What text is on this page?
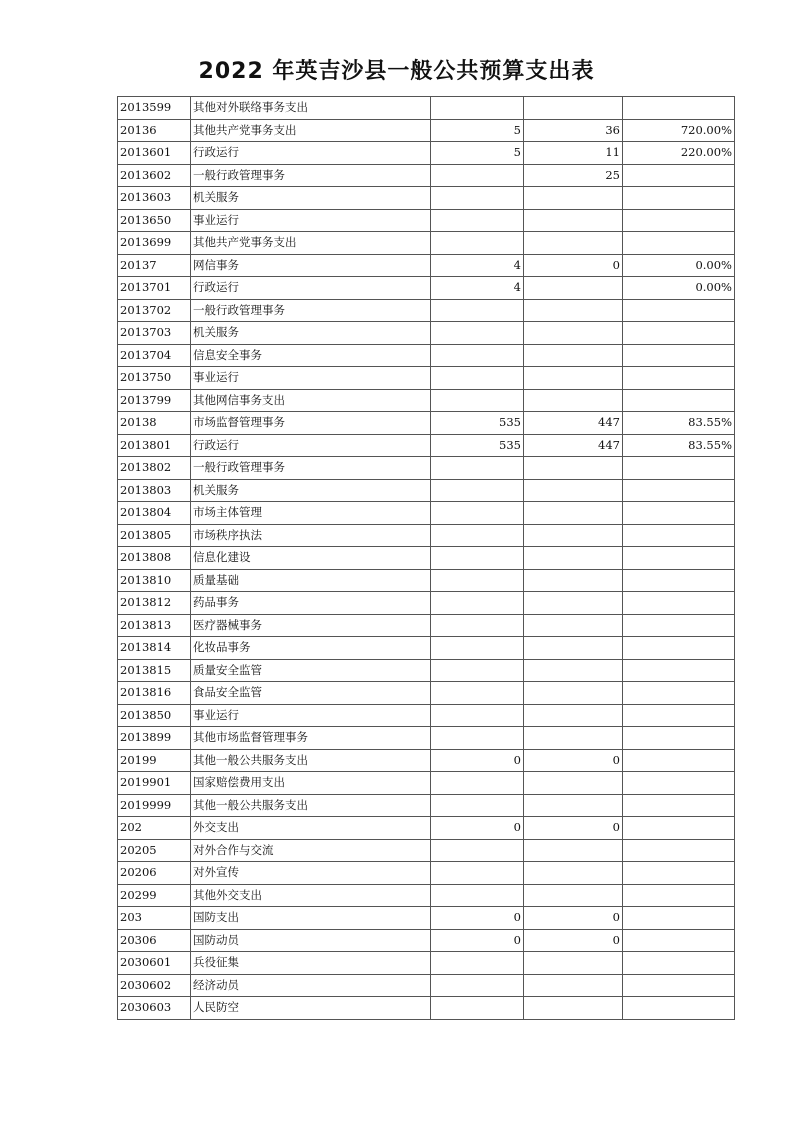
2022 年英吉沙县一般公共预算支出表
2013599	其他对外联络事务支出			
20136	其他共产党事务支出	5	36	720.00%
2013601	行政运行	5	11	220.00%
2013602	一般行政管理事务		25	
2013603	机关服务			
2013650	事业运行			
2013699	其他共产党事务支出			
20137	网信事务	4	0	0.00%
2013701	行政运行	4		0.00%
2013702	一般行政管理事务			
2013703	机关服务			
2013704	信息安全事务			
2013750	事业运行			
2013799	其他网信事务支出			
20138	市场监督管理事务	535	447	83.55%
2013801	行政运行	535	447	83.55%
2013802	一般行政管理事务			
2013803	机关服务			
2013804	市场主体管理			
2013805	市场秩序执法			
2013808	信息化建设			
2013810	质量基础			
2013812	药品事务			
2013813	医疗器械事务			
2013814	化妆品事务			
2013815	质量安全监管			
2013816	食品安全监管			
2013850	事业运行			
2013899	其他市场监督管理事务			
20199	其他一般公共服务支出	0	0	
2019901	国家赔偿费用支出			
2019999	其他一般公共服务支出			
202	外交支出	0	0	
20205	对外合作与交流			
20206	对外宣传			
20299	其他外交支出			
203	国防支出	0	0	
20306	国防动员	0	0	
2030601	兵役征集			
2030602	经济动员			
2030603	人民防空			
